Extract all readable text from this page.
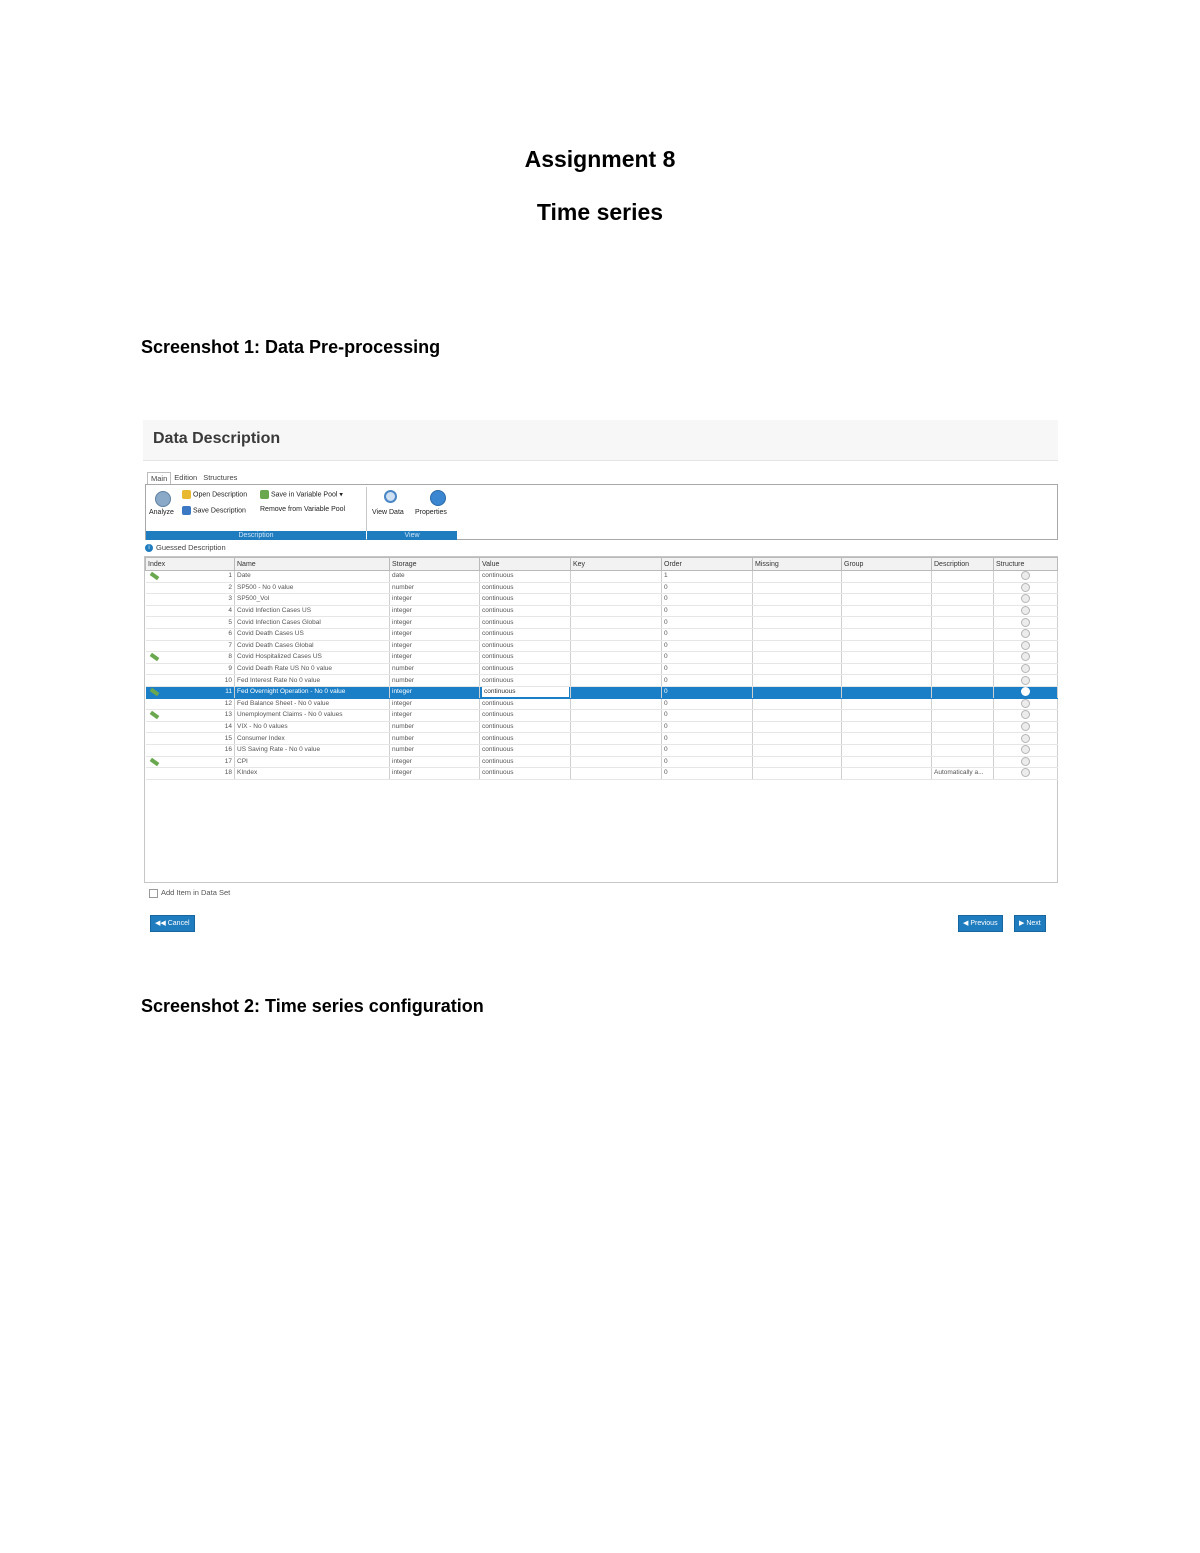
Assignment 8
Time series
Screenshot 1: Data Pre-processing
Data Description
Main Edition Structures
Analyze
Open Description
Save Description
Save in Variable Pool ▾
Remove from Variable Pool	View Data Properties
Description	View
i Guessed Description
Index	Name	Storage	Value	Key	Order	Missing	Group	Description	Structure

1	Date	date	continuous		1				
2	SP500 - No 0 value	number	continuous		0				
3	SP500_Vol	integer	continuous		0				
4	Covid Infection Cases US	integer	continuous		0				
5	Covid Infection Cases Global	integer	continuous		0				
6	Covid Death Cases US	integer	continuous		0				
7	Covid Death Cases Global	integer	continuous		0				

8	Covid Hospitalized Cases US	integer	continuous		0				
9	Covid Death Rate US No 0 value	number	continuous		0				
10	Fed Interest Rate No 0 value	number	continuous		0				

11	Fed Overnight Operation - No 0 value	integer	continuous		0				
12	Fed Balance Sheet - No 0 value	integer	continuous		0				

13	Unemployment Claims - No 0 values	integer	continuous		0				
14	VIX - No 0 values	number	continuous		0				
15	Consumer Index	number	continuous		0				
16	US Saving Rate - No 0 value	number	continuous		0				

17	CPI	integer	continuous		0				
18	KIndex	integer	continuous		0			Automatically a...	
Add Item in Data Set
◀◀ Cancel	◀ Previous	▶ Next
Screenshot 2: Time series configuration
